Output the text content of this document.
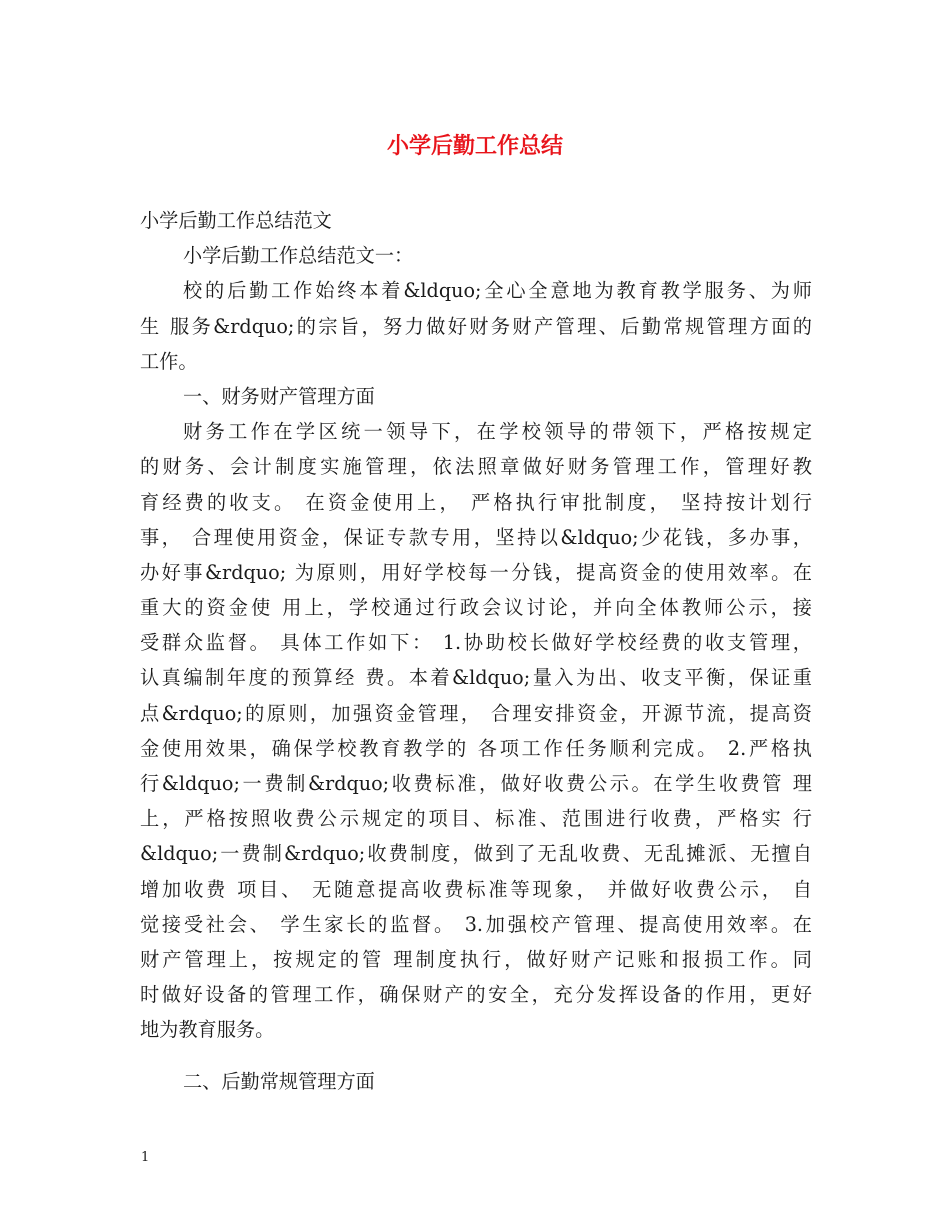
小学后勤工作总结
小学后勤工作总结范文
小学后勤工作总结范文一：
校的后勤工作始终本着&ldquo;全心全意地为教育教学服务、为师
生 服务&rdquo;的宗旨，努力做好财务财产管理、后勤常规管理方面的
工作。
一、财务财产管理方面
财务工作在学区统一领导下，在学校领导的带领下，严格按规定
的财务、会计制度实施管理，依法照章做好财务管理工作，管理好教
育经费的收支。 在资金使用上， 严格执行审批制度， 坚持按计划行
事， 合理使用资金，保证专款专用，坚持以&ldquo;少花钱，多办事，
办好事&rdquo; 为原则，用好学校每一分钱，提高资金的使用效率。在
重大的资金使 用上，学校通过行政会议讨论，并向全体教师公示，接
受群众监督。 具体工作如下： 1.协助校长做好学校经费的收支管理，
认真编制年度的预算经 费。本着&ldquo;量入为出、收支平衡，保证重
点&rdquo;的原则，加强资金管理， 合理安排资金，开源节流，提高资
金使用效果，确保学校教育教学的 各项工作任务顺利完成。 2.严格执
行&ldquo;一费制&rdquo;收费标准，做好收费公示。在学生收费管 理
上，严格按照收费公示规定的项目、标准、范围进行收费，严格实 行
&ldquo;一费制&rdquo;收费制度，做到了无乱收费、无乱摊派、无擅自
增加收费 项目、 无随意提高收费标准等现象， 并做好收费公示， 自
觉接受社会、 学生家长的监督。 3.加强校产管理、提高使用效率。在
财产管理上，按规定的管 理制度执行，做好财产记账和报损工作。同
时做好设备的管理工作，确保财产的安全，充分发挥设备的作用，更好
地为教育服务。
二、后勤常规管理方面
1
